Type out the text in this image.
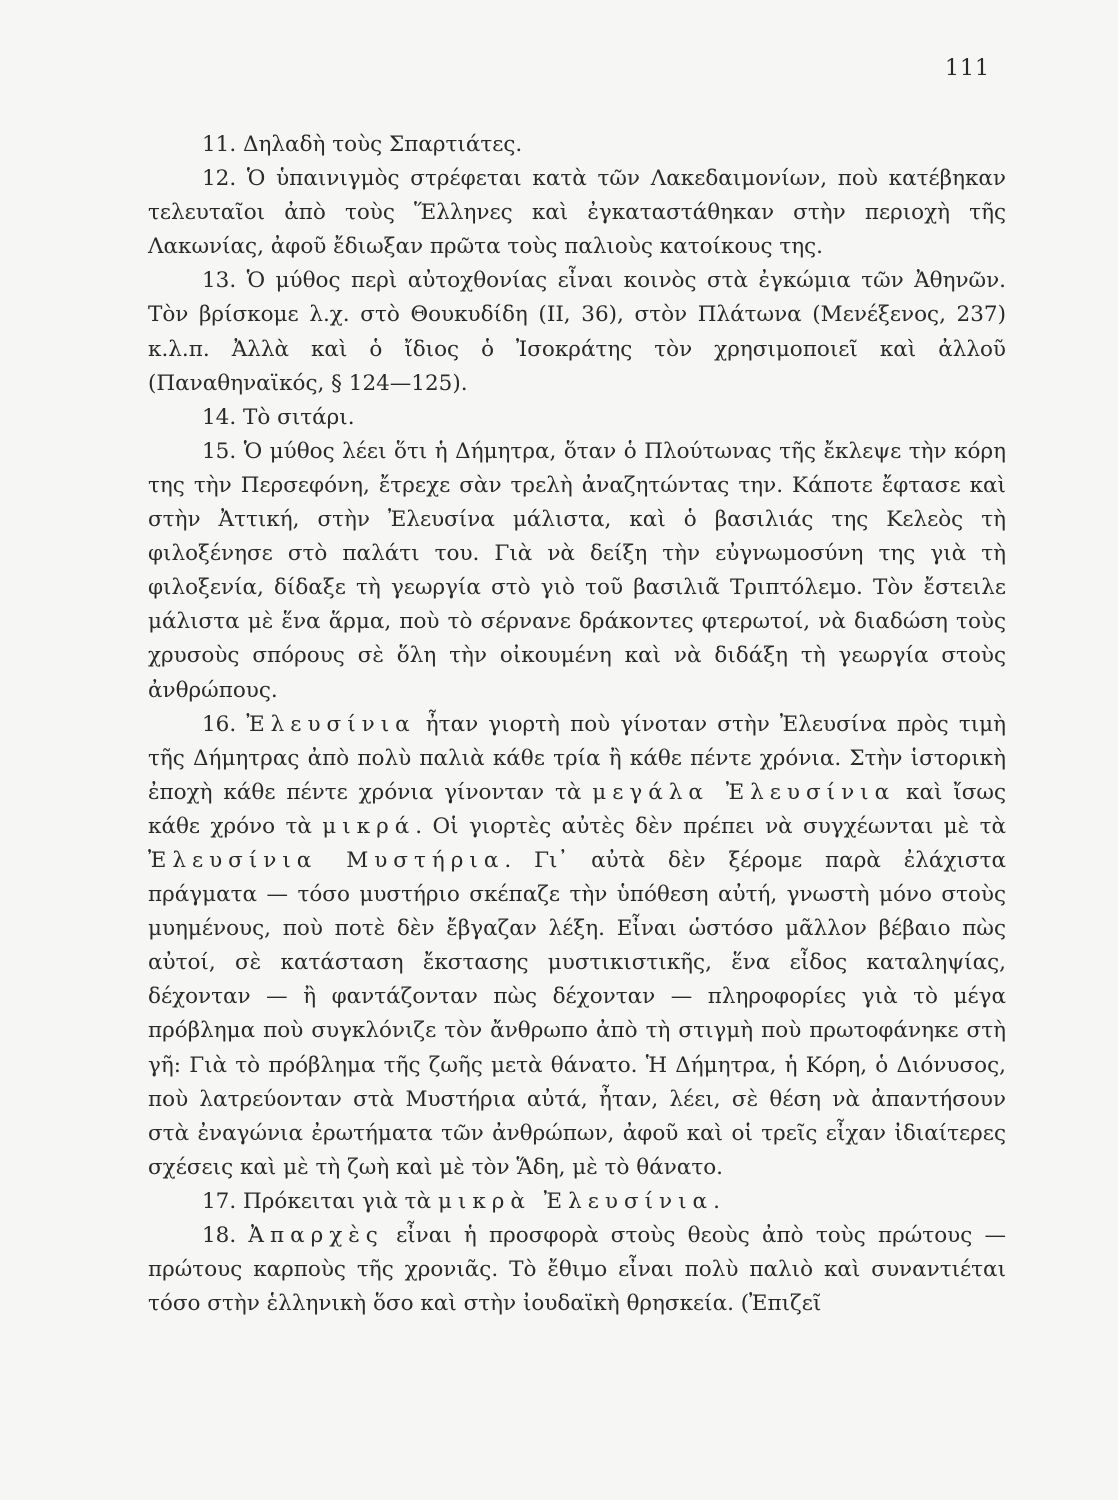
111

11. Δηλαδὴ τοὺς Σπαρτιάτες.

12. Ὁ ὑπαινιγμὸς στρέφεται κατὰ τῶν Λακεδαιμονίων, ποὺ κατέβηκαν τελευταῖοι ἀπὸ τοὺς Ἕλληνες καὶ ἐγκαταστάθηκαν στὴν περιοχὴ τῆς Λακωνίας, ἀφοῦ ἔδιωξαν πρῶτα τοὺς παλιοὺς κατοίκους της.

13. Ὁ μύθος περὶ αὐτοχθονίας εἶναι κοινὸς στὰ ἐγκώμια τῶν Ἀθηνῶν. Τὸν βρίσκομε λ.χ. στὸ Θουκυδίδη (II, 36), στὸν Πλάτωνα (Μενέξενος, 237) κ.λ.π. Ἀλλὰ καὶ ὁ ἴδιος ὁ Ἰσοκράτης τὸν χρησιμοποιεῖ καὶ ἀλλοῦ (Παναθηναϊκός, § 124—125).

14. Τὸ σιτάρι.

15. Ὁ μύθος λέει ὅτι ἡ Δήμητρα, ὅταν ὁ Πλούτωνας τῆς ἔκλεψε τὴν κόρη της τὴν Περσεφόνη, ἔτρεχε σὰν τρελὴ ἀναζητώντας την. Κάποτε ἔφτασε καὶ στὴν Ἀττική, στὴν Ἐλευσίνα μάλιστα, καὶ ὁ βασιλιάς της Κελεὸς τὴ φιλοξένησε στὸ παλάτι του. Γιὰ νὰ δείξη τὴν εὐγνωμοσύνη της γιὰ τὴ φιλοξενία, δίδαξε τὴ γεωργία στὸ γιὸ τοῦ βασιλιᾶ Τριπτόλεμο. Τὸν ἔστειλε μάλιστα μὲ ἕνα ἅρμα, ποὺ τὸ σέρνανε δράκοντες φτερωτοί, νὰ διαδώση τοὺς χρυσοὺς σπόρους σὲ ὅλη τὴν οἰκουμένη καὶ νὰ διδάξη τὴ γεωργία στοὺς ἀνθρώπους.

16. Ἐλευσίνια ἦταν γιορτὴ ποὺ γίνοταν στὴν Ἐλευσίνα πρὸς τιμὴ τῆς Δήμητρας ἀπὸ πολὺ παλιὰ κάθε τρία ἢ κάθε πέντε χρόνια. Στὴν ἱστορικὴ ἐποχὴ κάθε πέντε χρόνια γίνονταν τὰ μεγάλα Ἐλευσίνια καὶ ἴσως κάθε χρόνο τὰ μικρά. Οἱ γιορτὲς αὐτὲς δὲν πρέπει νὰ συγχέωνται μὲ τὰ Ἐλευσίνια Μυστήρια. Γι᾽ αὐτὰ δὲν ξέρομε παρὰ ἐλάχιστα πράγματα — τόσο μυστήριο σκέπαζε τὴν ὑπόθεση αὐτή, γνωστὴ μόνο στοὺς μυημένους, ποὺ ποτὲ δὲν ἔβγαζαν λέξη. Εἶναι ὡστόσο μᾶλλον βέβαιο πὼς αὐτοί, σὲ κατάσταση ἔκστασης μυστικιστικῆς, ἕνα εἶδος καταληψίας, δέχονταν — ἢ φαντάζονταν πὼς δέχονταν — πληροφορίες γιὰ τὸ μέγα πρόβλημα ποὺ συγκλόνιζε τὸν ἄνθρωπο ἀπὸ τὴ στιγμὴ ποὺ πρωτοφάνηκε στὴ γῆ: Γιὰ τὸ πρόβλημα τῆς ζωῆς μετὰ θάνατο. Ἡ Δήμητρα, ἡ Κόρη, ὁ Διόνυσος, ποὺ λατρεύονταν στὰ Μυστήρια αὐτά, ἦταν, λέει, σὲ θέση νὰ ἀπαντήσουν στὰ ἐναγώνια ἐρωτήματα τῶν ἀνθρώπων, ἀφοῦ καὶ οἱ τρεῖς εἶχαν ἰδιαίτερες σχέσεις καὶ μὲ τὴ ζωὴ καὶ μὲ τὸν Ἅδη, μὲ τὸ θάνατο.

17. Πρόκειται γιὰ τὰ μικρὰ Ἐλευσίνια.

18. Ἀπαρχὲς εἶναι ἡ προσφορὰ στοὺς θεοὺς ἀπὸ τοὺς πρώτους —πρώτους καρποὺς τῆς χρονιᾶς. Τὸ ἔθιμο εἶναι πολὺ παλιὸ καὶ συναντιέται τόσο στὴν ἑλληνικὴ ὅσο καὶ στὴν ἰουδαϊκὴ θρησκεία. (Ἐπιζεῖ
